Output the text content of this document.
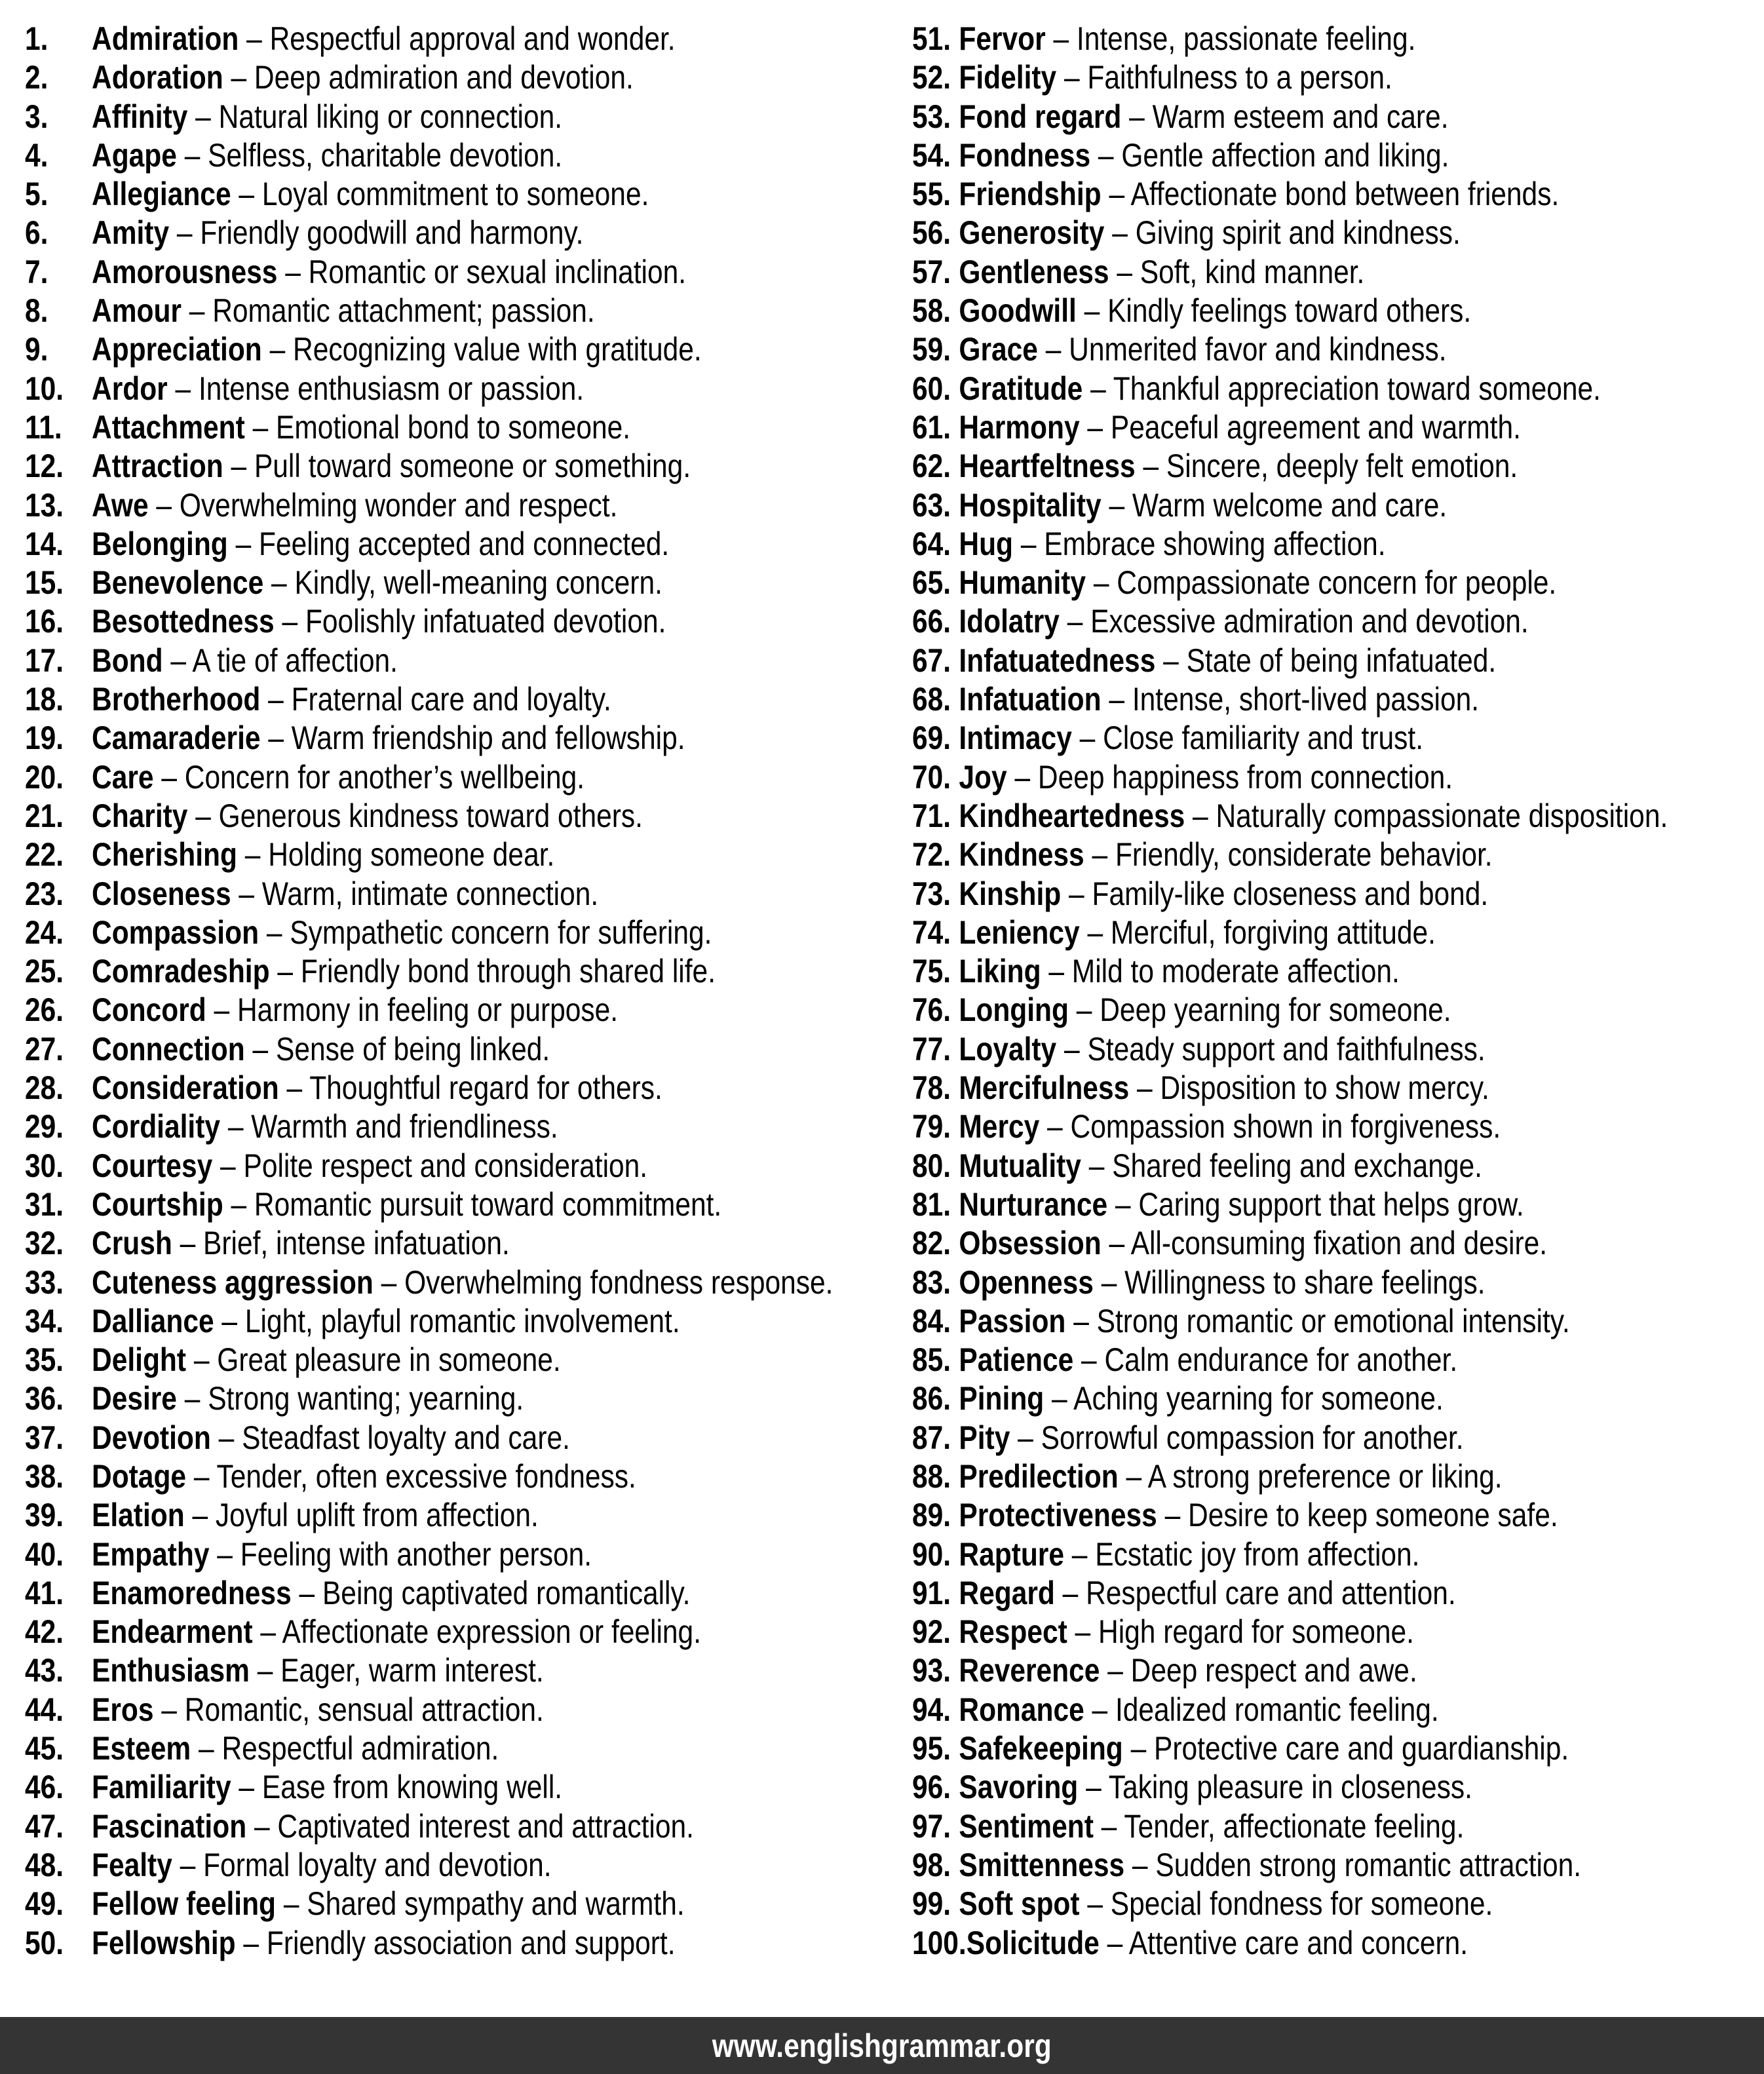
1. Admiration – Respectful approval and wonder.
2. Adoration – Deep admiration and devotion.
3. Affinity – Natural liking or connection.
4. Agape – Selfless, charitable devotion.
5. Allegiance – Loyal commitment to someone.
6. Amity – Friendly goodwill and harmony.
7. Amorousness – Romantic or sexual inclination.
8. Amour – Romantic attachment; passion.
9. Appreciation – Recognizing value with gratitude.
10. Ardor – Intense enthusiasm or passion.
11. Attachment – Emotional bond to someone.
12. Attraction – Pull toward someone or something.
13. Awe – Overwhelming wonder and respect.
14. Belonging – Feeling accepted and connected.
15. Benevolence – Kindly, well-meaning concern.
16. Besottedness – Foolishly infatuated devotion.
17. Bond – A tie of affection.
18. Brotherhood – Fraternal care and loyalty.
19. Camaraderie – Warm friendship and fellowship.
20. Care – Concern for another’s wellbeing.
21. Charity – Generous kindness toward others.
22. Cherishing – Holding someone dear.
23. Closeness – Warm, intimate connection.
24. Compassion – Sympathetic concern for suffering.
25. Comradeship – Friendly bond through shared life.
26. Concord – Harmony in feeling or purpose.
27. Connection – Sense of being linked.
28. Consideration – Thoughtful regard for others.
29. Cordiality – Warmth and friendliness.
30. Courtesy – Polite respect and consideration.
31. Courtship – Romantic pursuit toward commitment.
32. Crush – Brief, intense infatuation.
33. Cuteness aggression – Overwhelming fondness response.
34. Dalliance – Light, playful romantic involvement.
35. Delight – Great pleasure in someone.
36. Desire – Strong wanting; yearning.
37. Devotion – Steadfast loyalty and care.
38. Dotage – Tender, often excessive fondness.
39. Elation – Joyful uplift from affection.
40. Empathy – Feeling with another person.
41. Enamoredness – Being captivated romantically.
42. Endearment – Affectionate expression or feeling.
43. Enthusiasm – Eager, warm interest.
44. Eros – Romantic, sensual attraction.
45. Esteem – Respectful admiration.
46. Familiarity – Ease from knowing well.
47. Fascination – Captivated interest and attraction.
48. Fealty – Formal loyalty and devotion.
49. Fellow feeling – Shared sympathy and warmth.
50. Fellowship – Friendly association and support.
51. Fervor – Intense, passionate feeling.
52. Fidelity – Faithfulness to a person.
53. Fond regard – Warm esteem and care.
54. Fondness – Gentle affection and liking.
55. Friendship – Affectionate bond between friends.
56. Generosity – Giving spirit and kindness.
57. Gentleness – Soft, kind manner.
58. Goodwill – Kindly feelings toward others.
59. Grace – Unmerited favor and kindness.
60. Gratitude – Thankful appreciation toward someone.
61. Harmony – Peaceful agreement and warmth.
62. Heartfeltness – Sincere, deeply felt emotion.
63. Hospitality – Warm welcome and care.
64. Hug – Embrace showing affection.
65. Humanity – Compassionate concern for people.
66. Idolatry – Excessive admiration and devotion.
67. Infatuatedness – State of being infatuated.
68. Infatuation – Intense, short-lived passion.
69. Intimacy – Close familiarity and trust.
70. Joy – Deep happiness from connection.
71. Kindheartedness – Naturally compassionate disposition.
72. Kindness – Friendly, considerate behavior.
73. Kinship – Family-like closeness and bond.
74. Leniency – Merciful, forgiving attitude.
75. Liking – Mild to moderate affection.
76. Longing – Deep yearning for someone.
77. Loyalty – Steady support and faithfulness.
78. Mercifulness – Disposition to show mercy.
79. Mercy – Compassion shown in forgiveness.
80. Mutuality – Shared feeling and exchange.
81. Nurturance – Caring support that helps grow.
82. Obsession – All-consuming fixation and desire.
83. Openness – Willingness to share feelings.
84. Passion – Strong romantic or emotional intensity.
85. Patience – Calm endurance for another.
86. Pining – Aching yearning for someone.
87. Pity – Sorrowful compassion for another.
88. Predilection – A strong preference or liking.
89. Protectiveness – Desire to keep someone safe.
90. Rapture – Ecstatic joy from affection.
91. Regard – Respectful care and attention.
92. Respect – High regard for someone.
93. Reverence – Deep respect and awe.
94. Romance – Idealized romantic feeling.
95. Safekeeping – Protective care and guardianship.
96. Savoring – Taking pleasure in closeness.
97. Sentiment – Tender, affectionate feeling.
98. Smittenness – Sudden strong romantic attraction.
99. Soft spot – Special fondness for someone.
100.Solicitude – Attentive care and concern.
www.englishgrammar.org
